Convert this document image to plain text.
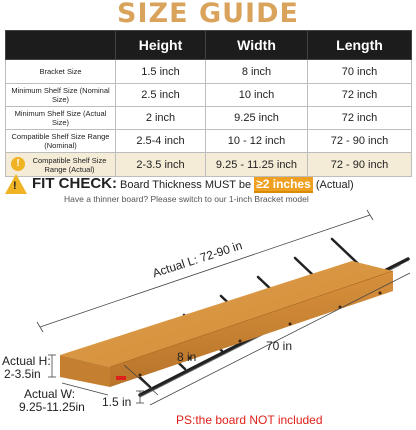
SIZE GUIDE
	Height	Width	Length
Bracket Size	1.5 inch	8 inch	70 inch
Minimum Shelf Size (Nominal Size)	2.5 inch	10 inch	72 inch
Minimum Shelf Size (Actual Size)	2 inch	9.25 inch	72 inch
Compatible Shelf Size Range (Nominal)	2.5-4 inch	10 - 12 inch	72 - 90 inch

! Compatible Shelf Size Range (Actual)	2-3.5 inch	9.25 - 11.25 inch	72 - 90 inch
! FIT CHECK: Board Thickness MUST be ≥2 inches (Actual)
Have a thinner board? Please switch to our 1-inch Bracket model
Actual L: 72-90 in
8 in
70 in
Actual H:
2-3.5in
Actual W:
9.25-11.25in 1.5 in
PS:the board NOT included
